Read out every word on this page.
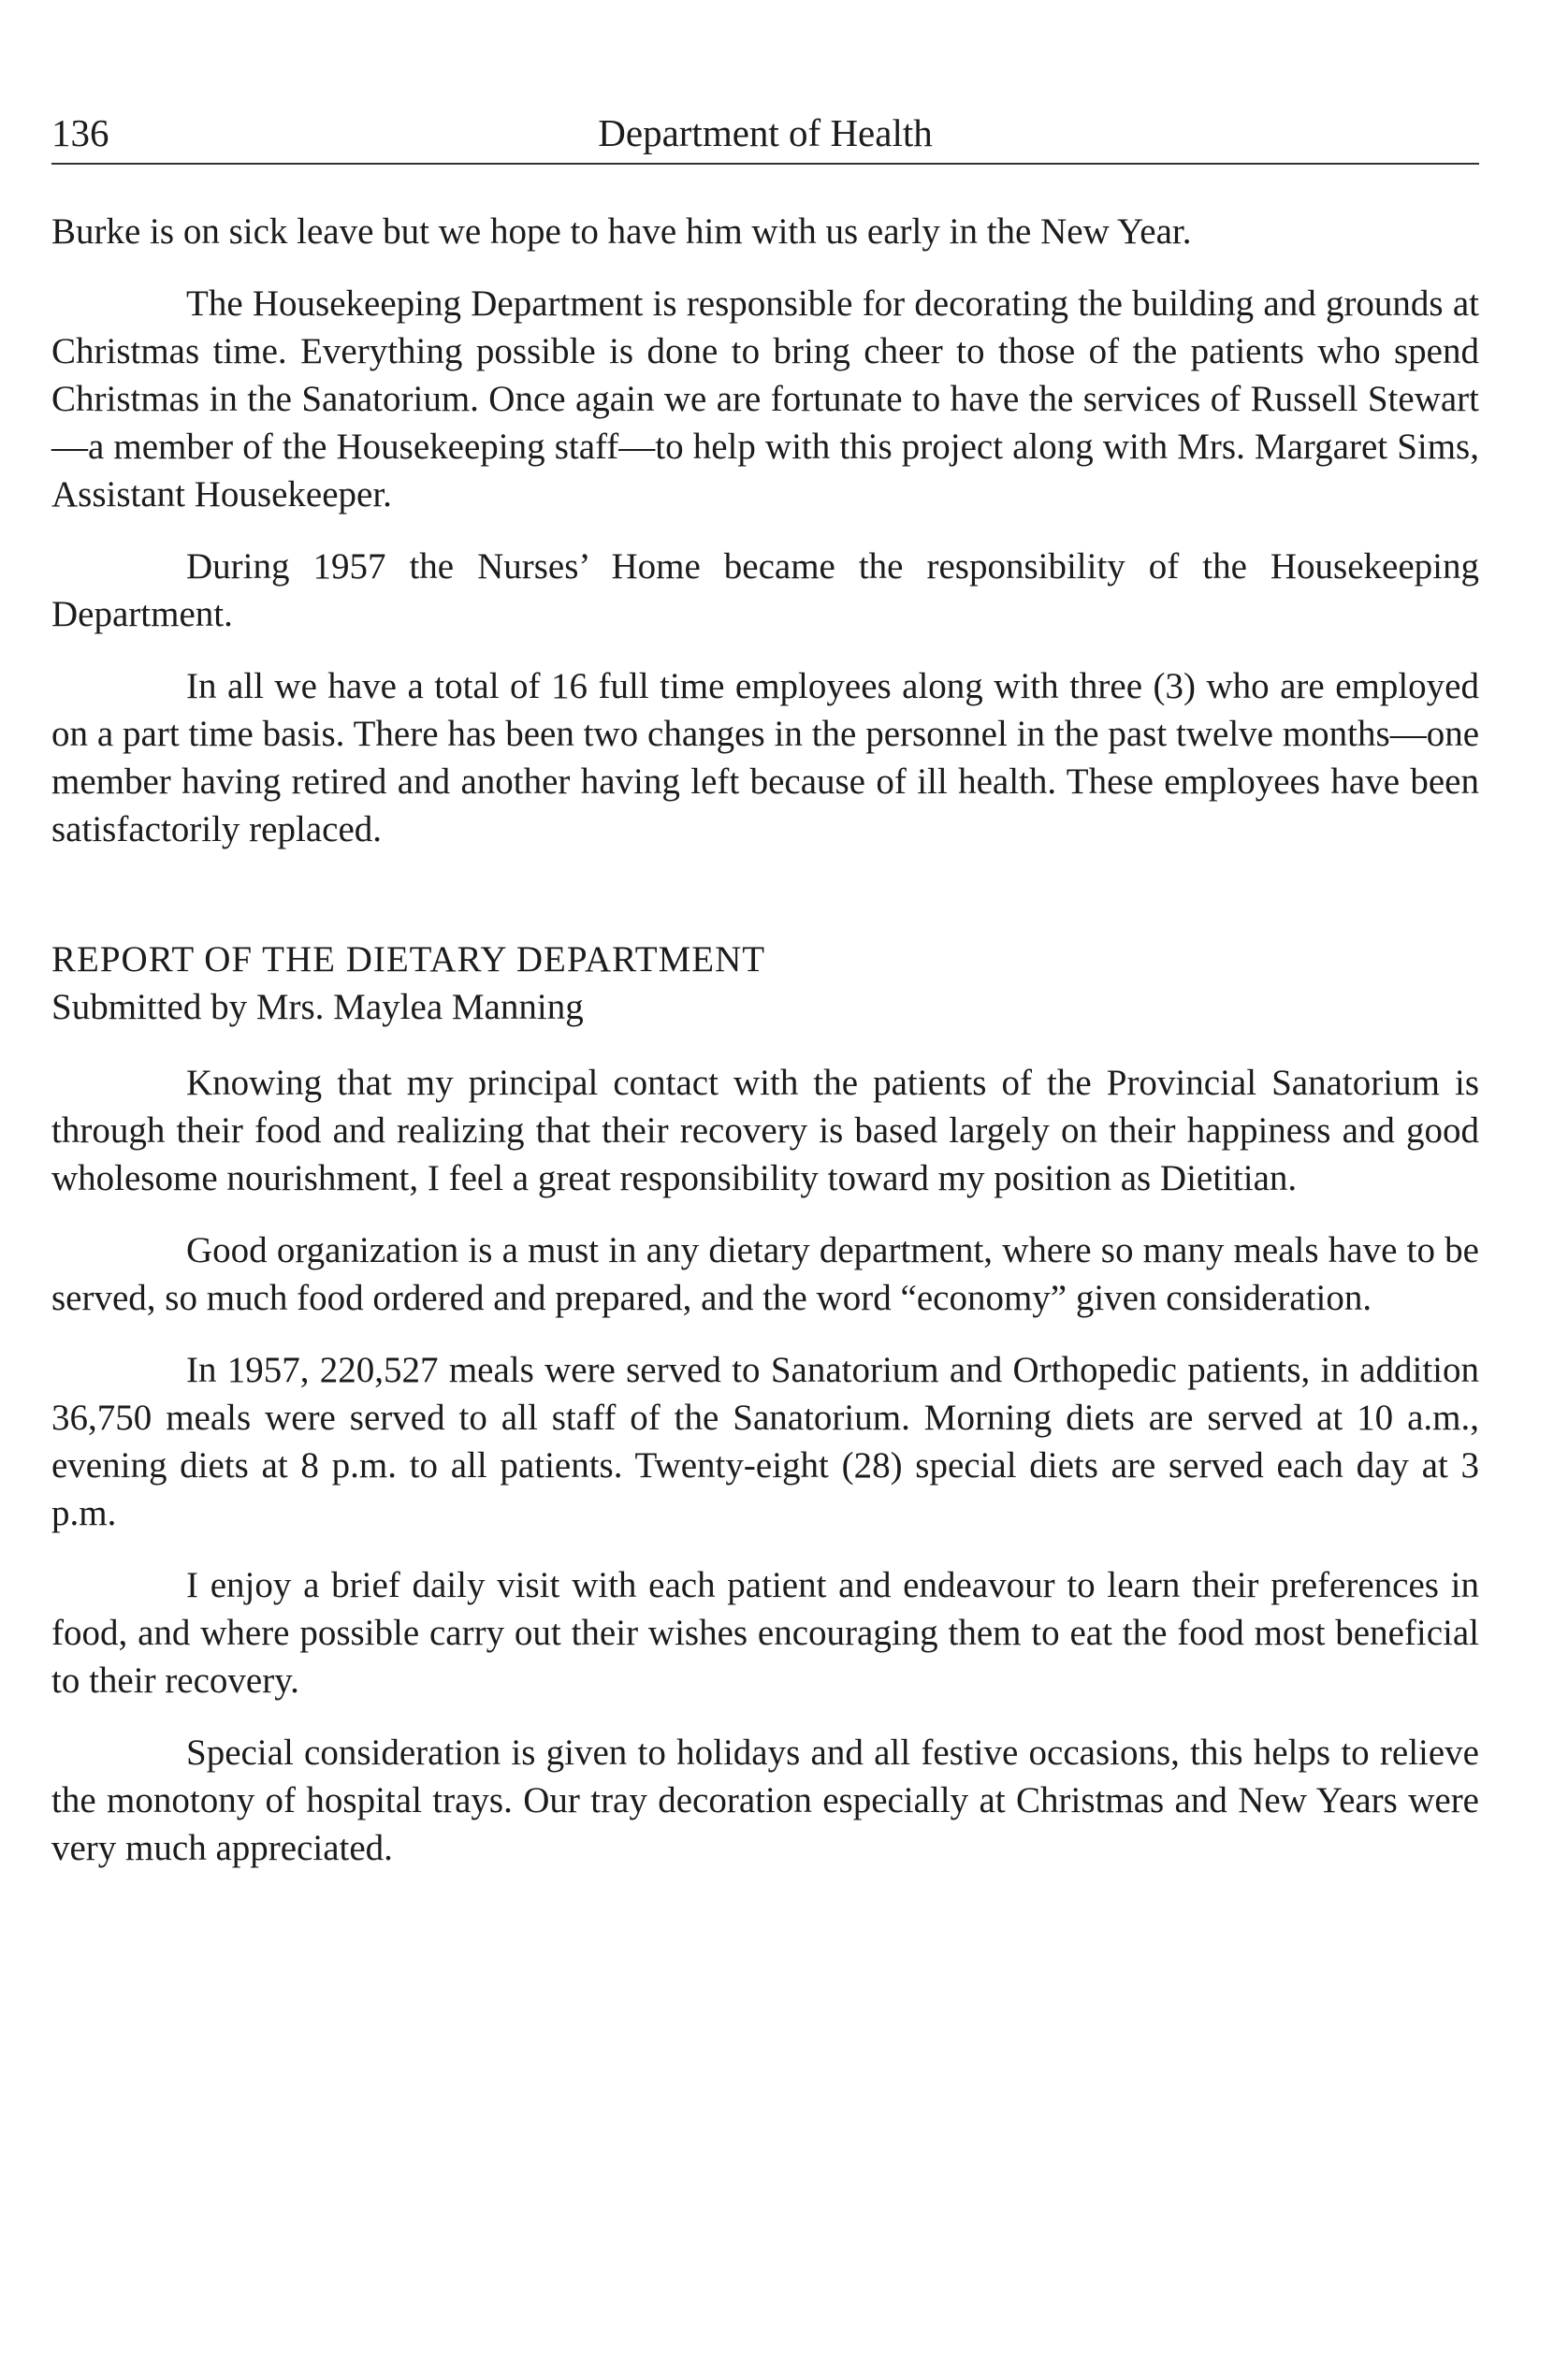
136	Department of Health

Burke is on sick leave but we hope to have him with us early in the New Year.

The Housekeeping Department is responsible for decorating the building and grounds at Christmas time. Everything possible is done to bring cheer to those of the patients who spend Christmas in the Sanatorium. Once again we are fortunate to have the services of Russell Stewart—a member of the Housekeeping staff—to help with this project along with Mrs. Margaret Sims, Assistant Housekeeper.

During 1957 the Nurses’ Home became the responsibility of the Housekeeping Department.

In all we have a total of 16 full time employees along with three (3) who are employed on a part time basis. There has been two changes in the personnel in the past twelve months—one member having retired and another having left because of ill health. These employees have been satisfactorily replaced.

REPORT OF THE DIETARY DEPARTMENT

Submitted by Mrs. Maylea Manning

Knowing that my principal contact with the patients of the Provincial Sanatorium is through their food and realizing that their recovery is based largely on their happiness and good wholesome nourishment, I feel a great responsibility toward my position as Dietitian.

Good organization is a must in any dietary department, where so many meals have to be served, so much food ordered and prepared, and the word “economy” given consideration.

In 1957, 220,527 meals were served to Sanatorium and Orthopedic patients, in addition 36,750 meals were served to all staff of the Sanatorium. Morning diets are served at 10 a.m., evening diets at 8 p.m. to all patients. Twenty-eight (28) special diets are served each day at 3 p.m.

I enjoy a brief daily visit with each patient and endeavour to learn their preferences in food, and where possible carry out their wishes encouraging them to eat the food most beneficial to their recovery.

Special consideration is given to holidays and all festive occasions, this helps to relieve the monotony of hospital trays. Our tray decoration especially at Christmas and New Years were very much appreciated.
